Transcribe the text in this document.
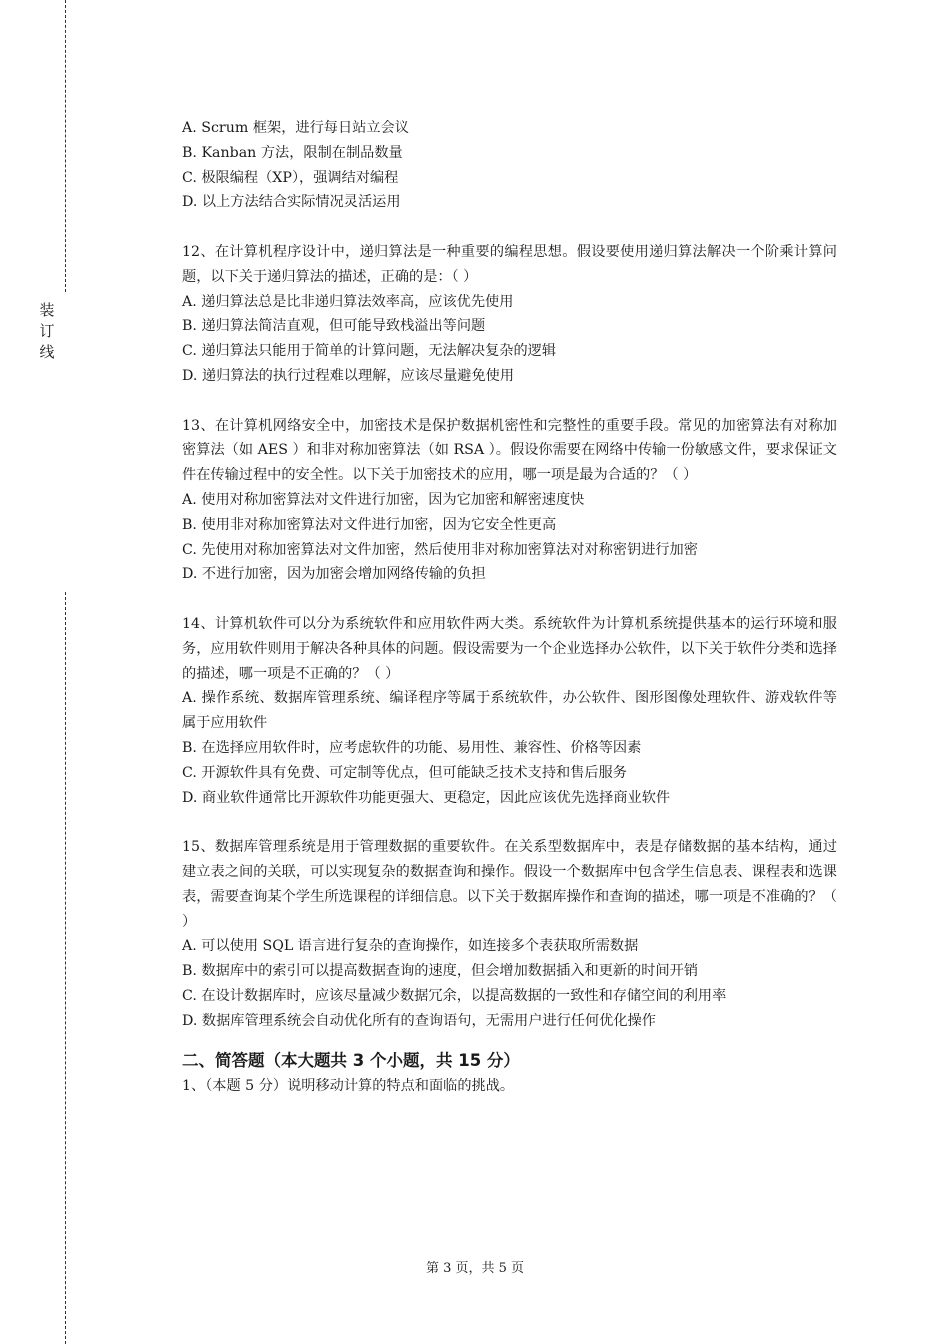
装
订
线
A. Scrum 框架，进行每日站立会议
B. Kanban 方法，限制在制品数量
C. 极限编程（XP），强调结对编程
D. 以上方法结合实际情况灵活运用
12、在计算机程序设计中，递归算法是一种重要的编程思想。假设要使用递归算法解决一个阶乘计算问题，以下关于递归算法的描述，正确的是：（ ）
A. 递归算法总是比非递归算法效率高，应该优先使用
B. 递归算法简洁直观，但可能导致栈溢出等问题
C. 递归算法只能用于简单的计算问题，无法解决复杂的逻辑
D. 递归算法的执行过程难以理解，应该尽量避免使用
13、在计算机网络安全中，加密技术是保护数据机密性和完整性的重要手段。常见的加密算法有对称加密算法（如 AES ）和非对称加密算法（如 RSA ）。假设你需要在网络中传输一份敏感文件，要求保证文件在传输过程中的安全性。以下关于加密技术的应用，哪一项是最为合适的？（ ）
A. 使用对称加密算法对文件进行加密，因为它加密和解密速度快
B. 使用非对称加密算法对文件进行加密，因为它安全性更高
C. 先使用对称加密算法对文件加密，然后使用非对称加密算法对对称密钥进行加密
D. 不进行加密，因为加密会增加网络传输的负担
14、计算机软件可以分为系统软件和应用软件两大类。系统软件为计算机系统提供基本的运行环境和服务，应用软件则用于解决各种具体的问题。假设需要为一个企业选择办公软件，以下关于软件分类和选择的描述，哪一项是不正确的？（ ）
A. 操作系统、数据库管理系统、编译程序等属于系统软件，办公软件、图形图像处理软件、游戏软件等属于应用软件
B. 在选择应用软件时，应考虑软件的功能、易用性、兼容性、价格等因素
C. 开源软件具有免费、可定制等优点，但可能缺乏技术支持和售后服务
D. 商业软件通常比开源软件功能更强大、更稳定，因此应该优先选择商业软件
15、数据库管理系统是用于管理数据的重要软件。在关系型数据库中，表是存储数据的基本结构，通过建立表之间的关联，可以实现复杂的数据查询和操作。假设一个数据库中包含学生信息表、课程表和选课表，需要查询某个学生所选课程的详细信息。以下关于数据库操作和查询的描述，哪一项是不准确的？（ ）
A. 可以使用 SQL 语言进行复杂的查询操作，如连接多个表获取所需数据
B. 数据库中的索引可以提高数据查询的速度，但会增加数据插入和更新的时间开销
C. 在设计数据库时，应该尽量减少数据冗余，以提高数据的一致性和存储空间的利用率
D. 数据库管理系统会自动优化所有的查询语句，无需用户进行任何优化操作
二、简答题（本大题共 3 个小题，共 15 分）
1、（本题 5 分）说明移动计算的特点和面临的挑战。
第 3 页，共 5 页
